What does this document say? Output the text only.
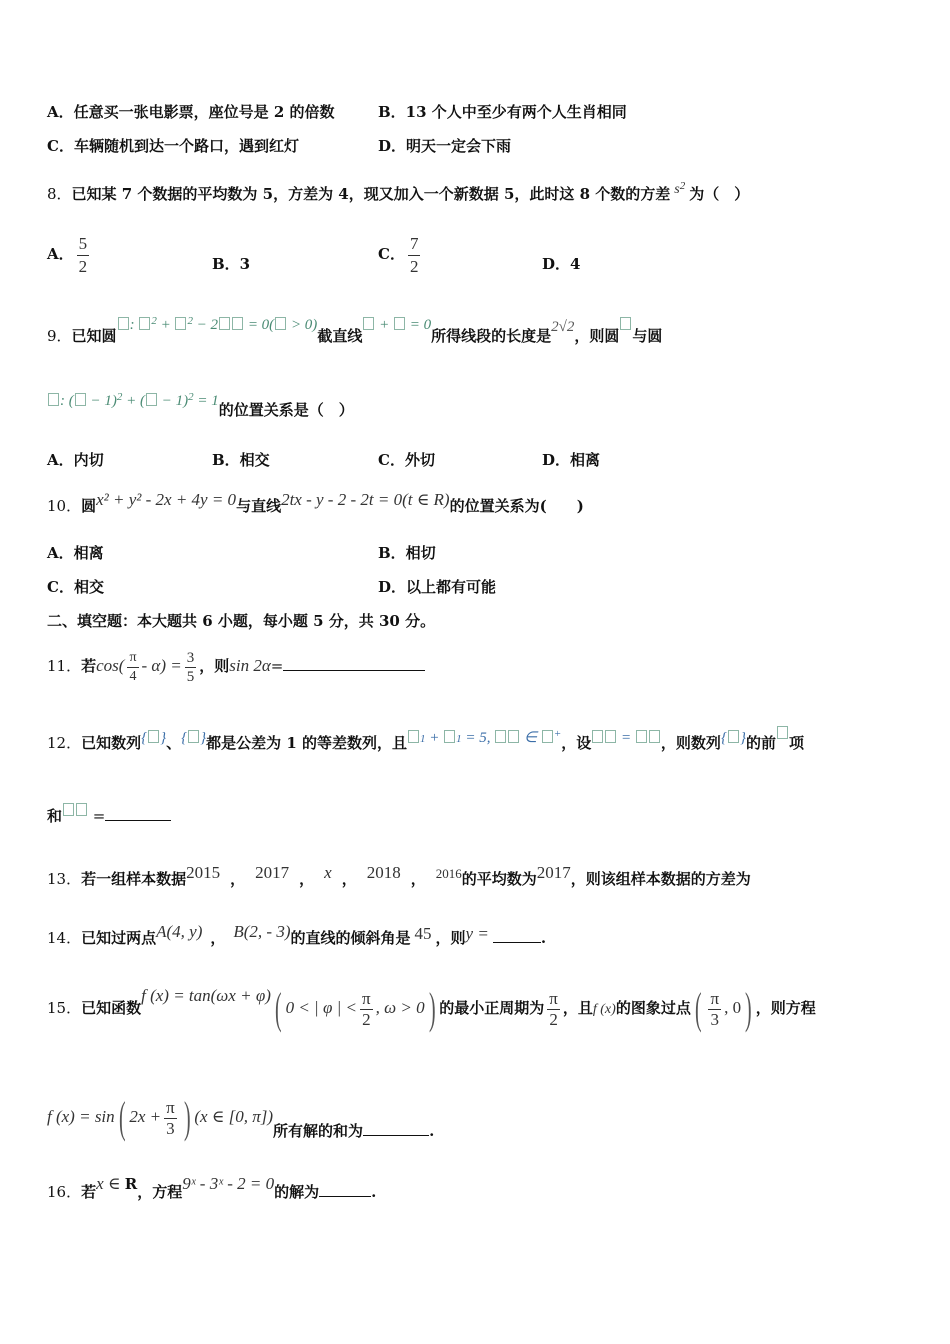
A．任意买一张电影票，座位号是 2 的倍数	B．13 个人中至少有两个人生肖相同
C．车辆随机到达一个路口，遇到红灯	D．明天一定会下雨
8．已知某 7 个数据的平均数为 5，方差为 4，现又加入一个新数据 5，此时这 8 个数的方差 $s^2$ 为（　）
A． $\frac{5}{2}$	B．3
C． $\frac{7}{2}$	D．4
9．已知圆: $^2$ + $^2$ − 2 = 0( > 0)截直线 +  = 0所得线段的长度是2√2，则圆 与圆
: ( − 1)$^2$ + ( − 1)$^2$ = 1的位置关系是（　）
A．内切	B．相交	C．外切	D．相离
10．圆x² + y² - 2x + 4y = 0与直线2tx - y - 2 - 2t = 0(t ∈ R)的位置关系为(　　)
A．相离	B．相切
C．相交	D．以上都有可能
二、填空题：本大题共 6 小题，每小题 5 分，共 30 分。
11．若$\cos( \frac{\pi}{4} - \alpha) = \frac{3}{5}$ ，则sin 2α=
12．已知数列{ }、{ }都是公差为 1 的等差数列，且 1 + 1 = 5, ∈ +，设 = ，则数列{ }的前 项
和 =
13．若一组样本数据2015 ， 2017 ， x ， 2018 ， 2016的平均数为2017，则该组样本数据的方差为
14．已知过两点A(4, y) ， B(2, - 3)的直线的倾斜角是 45 ，则y =	.
15．已知函数f (x) = tan(ωx + φ)( 0 < | φ | < $\frac{\pi}{2}$ , ω > 0) 的最小正周期为 $\frac{\pi}{2}$ ，且f (x)的图象过点( $\frac{\pi}{3}$ , 0) ，则方程
f (x) = sin( $2x + \frac{\pi}{3}$ ) (x ∈ [0, π])所有解的和为	.
16．若x ∈ R，方程9ˣ - 3ˣ - 2 = 0的解为	.
